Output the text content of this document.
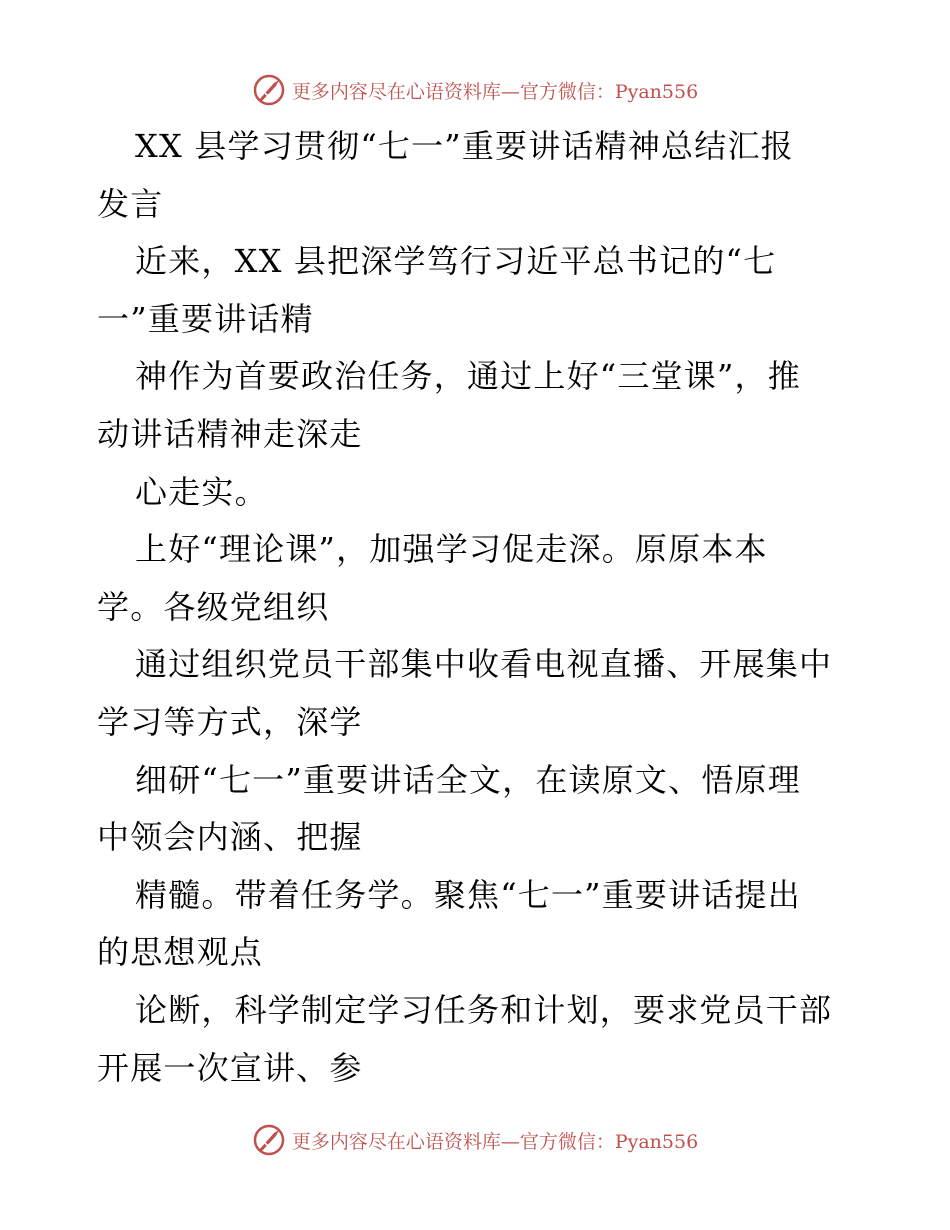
更多内容尽在心语资料库—官方微信：Pyan556
XX 县学习贯彻“七一”重要讲话精神总结汇报
发言
近来，XX 县把深学笃行习近平总书记的“七
一”重要讲话精
神作为首要政治任务，通过上好“三堂课”，推
动讲话精神走深走
心走实。
上好“理论课”，加强学习促走深。原原本本
学。各级党组织
通过组织党员干部集中收看电视直播、开展集中
学习等方式，深学
细研“七一”重要讲话全文，在读原文、悟原理
中领会内涵、把握
精髓。带着任务学。聚焦“七一”重要讲话提出
的思想观点
论断，科学制定学习任务和计划，要求党员干部
开展一次宣讲、参
更多内容尽在心语资料库—官方微信：Pyan556
